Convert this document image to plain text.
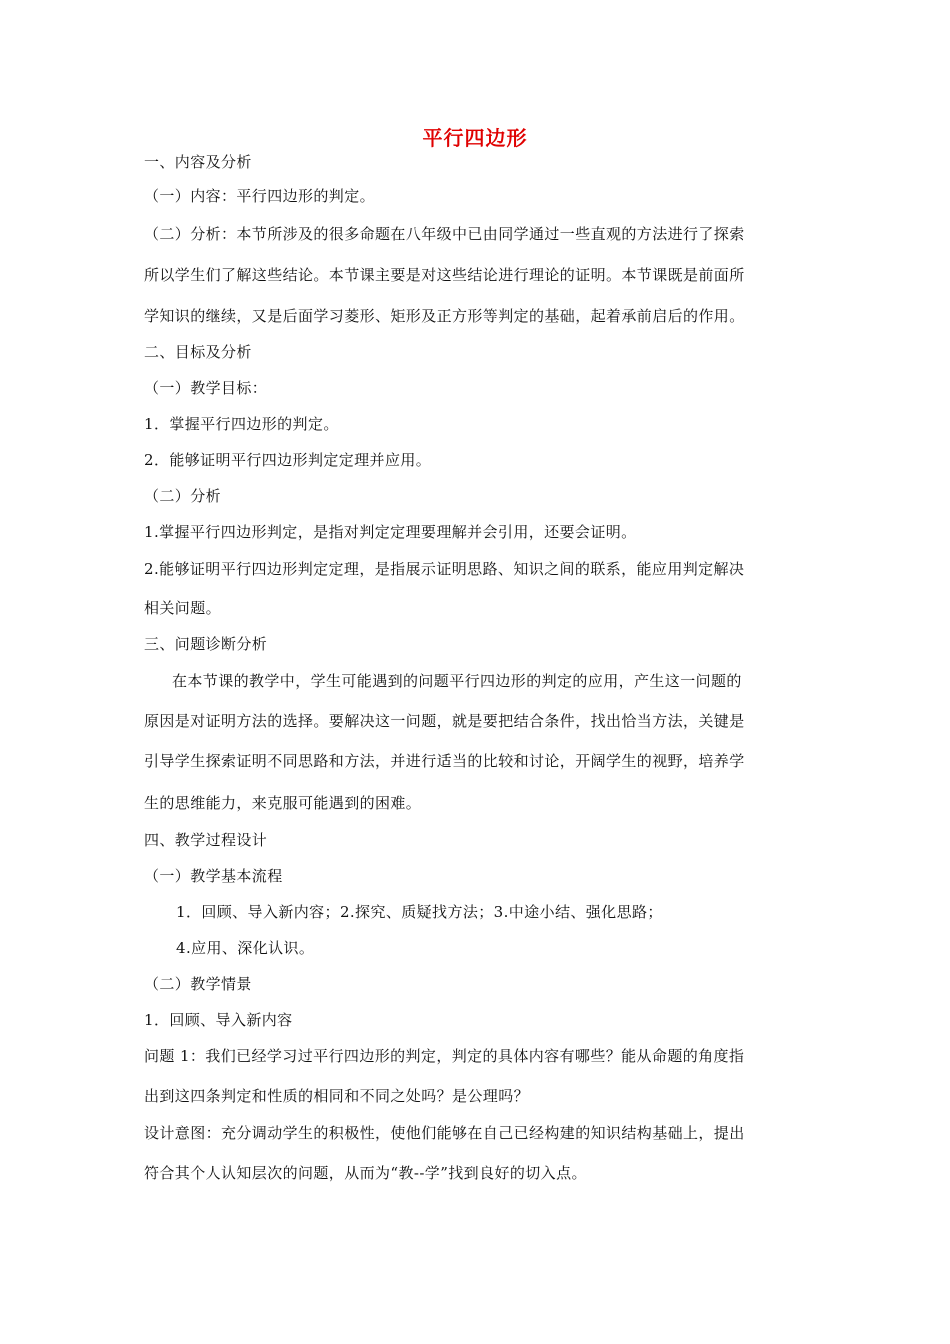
平行四边形
一、内容及分析
（一）内容：平行四边形的判定。
（二）分析：本节所涉及的很多命题在八年级中已由同学通过一些直观的方法进行了探索
所以学生们了解这些结论。本节课主要是对这些结论进行理论的证明。本节课既是前面所
学知识的继续，又是后面学习菱形、矩形及正方形等判定的基础，起着承前启后的作用。
二、目标及分析
（一）教学目标：
1．掌握平行四边形的判定。
2．能够证明平行四边形判定定理并应用。
（二）分析
1.掌握平行四边形判定，是指对判定定理要理解并会引用，还要会证明。
2.能够证明平行四边形判定定理，是指展示证明思路、知识之间的联系，能应用判定解决
相关问题。
三、问题诊断分析
在本节课的教学中，学生可能遇到的问题平行四边形的判定的应用，产生这一问题的
原因是对证明方法的选择。要解决这一问题，就是要把结合条件，找出恰当方法，关键是
引导学生探索证明不同思路和方法，并进行适当的比较和讨论，开阔学生的视野，培养学
生的思维能力，来克服可能遇到的困难。
四、教学过程设计
（一）教学基本流程
1．回顾、导入新内容；2.探究、质疑找方法；3.中途小结、强化思路；
4.应用、深化认识。
（二）教学情景
1．回顾、导入新内容
问题 1：我们已经学习过平行四边形的判定，判定的具体内容有哪些？能从命题的角度指
出到这四条判定和性质的相同和不同之处吗？是公理吗？
设计意图：充分调动学生的积极性，使他们能够在自己已经构建的知识结构基础上，提出
符合其个人认知层次的问题，从而为“教--学”找到良好的切入点。
